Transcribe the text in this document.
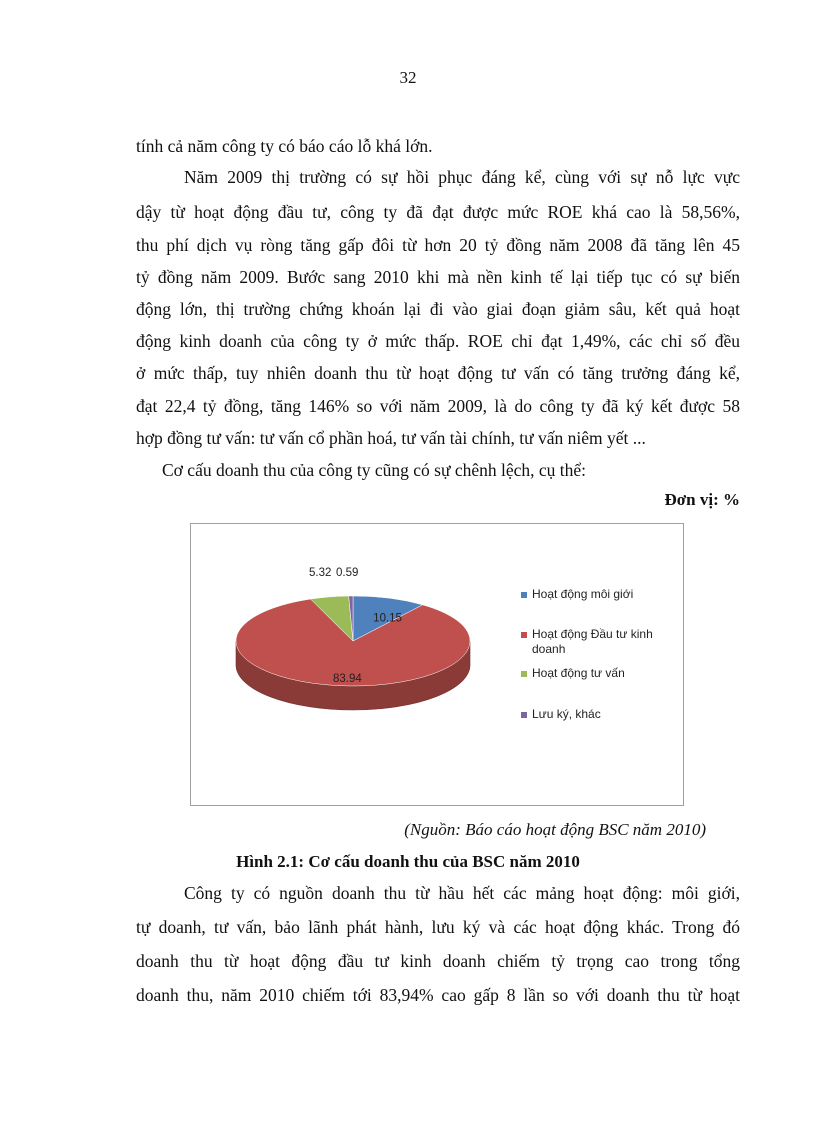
32
tính cả năm công ty có báo cáo lỗ khá lớn.
Năm 2009 thị trường có sự hồi phục đáng kể, cùng với sự nỗ lực vực
dậy từ hoạt động đầu tư, công ty đã đạt được mức ROE khá cao là 58,56%,
thu phí dịch vụ ròng tăng gấp đôi từ hơn 20 tỷ đồng năm 2008 đã tăng lên 45
tỷ đồng năm 2009. Bước sang 2010 khi mà nền kinh tế lại tiếp tục có sự biến
động lớn, thị trường chứng khoán lại đi vào giai đoạn giảm sâu, kết quả hoạt
động kinh doanh của công ty ở mức thấp. ROE chỉ đạt 1,49%, các chỉ số đều
ở mức thấp, tuy nhiên doanh thu từ hoạt động tư vấn có tăng trưởng đáng kể,
đạt 22,4 tỷ đồng, tăng 146% so với năm 2009, là do công ty đã ký kết được 58
hợp đồng tư vấn: tư vấn cổ phần hoá, tư vấn tài chính, tư vấn niêm yết ...
Cơ cấu doanh thu của công ty cũng có sự chênh lệch, cụ thể:
Đơn vị: %
10.15
83.94
5.32 0.59
Hoạt động môi giới
Hoạt động Đầu tư kinh doanh
Hoạt động tư vấn
Lưu ký, khác
(Nguồn: Báo cáo hoạt động BSC năm 2010)
Hình 2.1: Cơ cấu doanh thu của BSC năm 2010
Công ty có nguồn doanh thu từ hầu hết các mảng hoạt động: môi giới,
tự doanh, tư vấn, bảo lãnh phát hành, lưu ký và các hoạt động khác. Trong đó
doanh thu từ hoạt động đầu tư kinh doanh chiếm tỷ trọng cao trong tổng
doanh thu, năm 2010 chiếm tới 83,94% cao gấp 8 lần so với doanh thu từ hoạt
